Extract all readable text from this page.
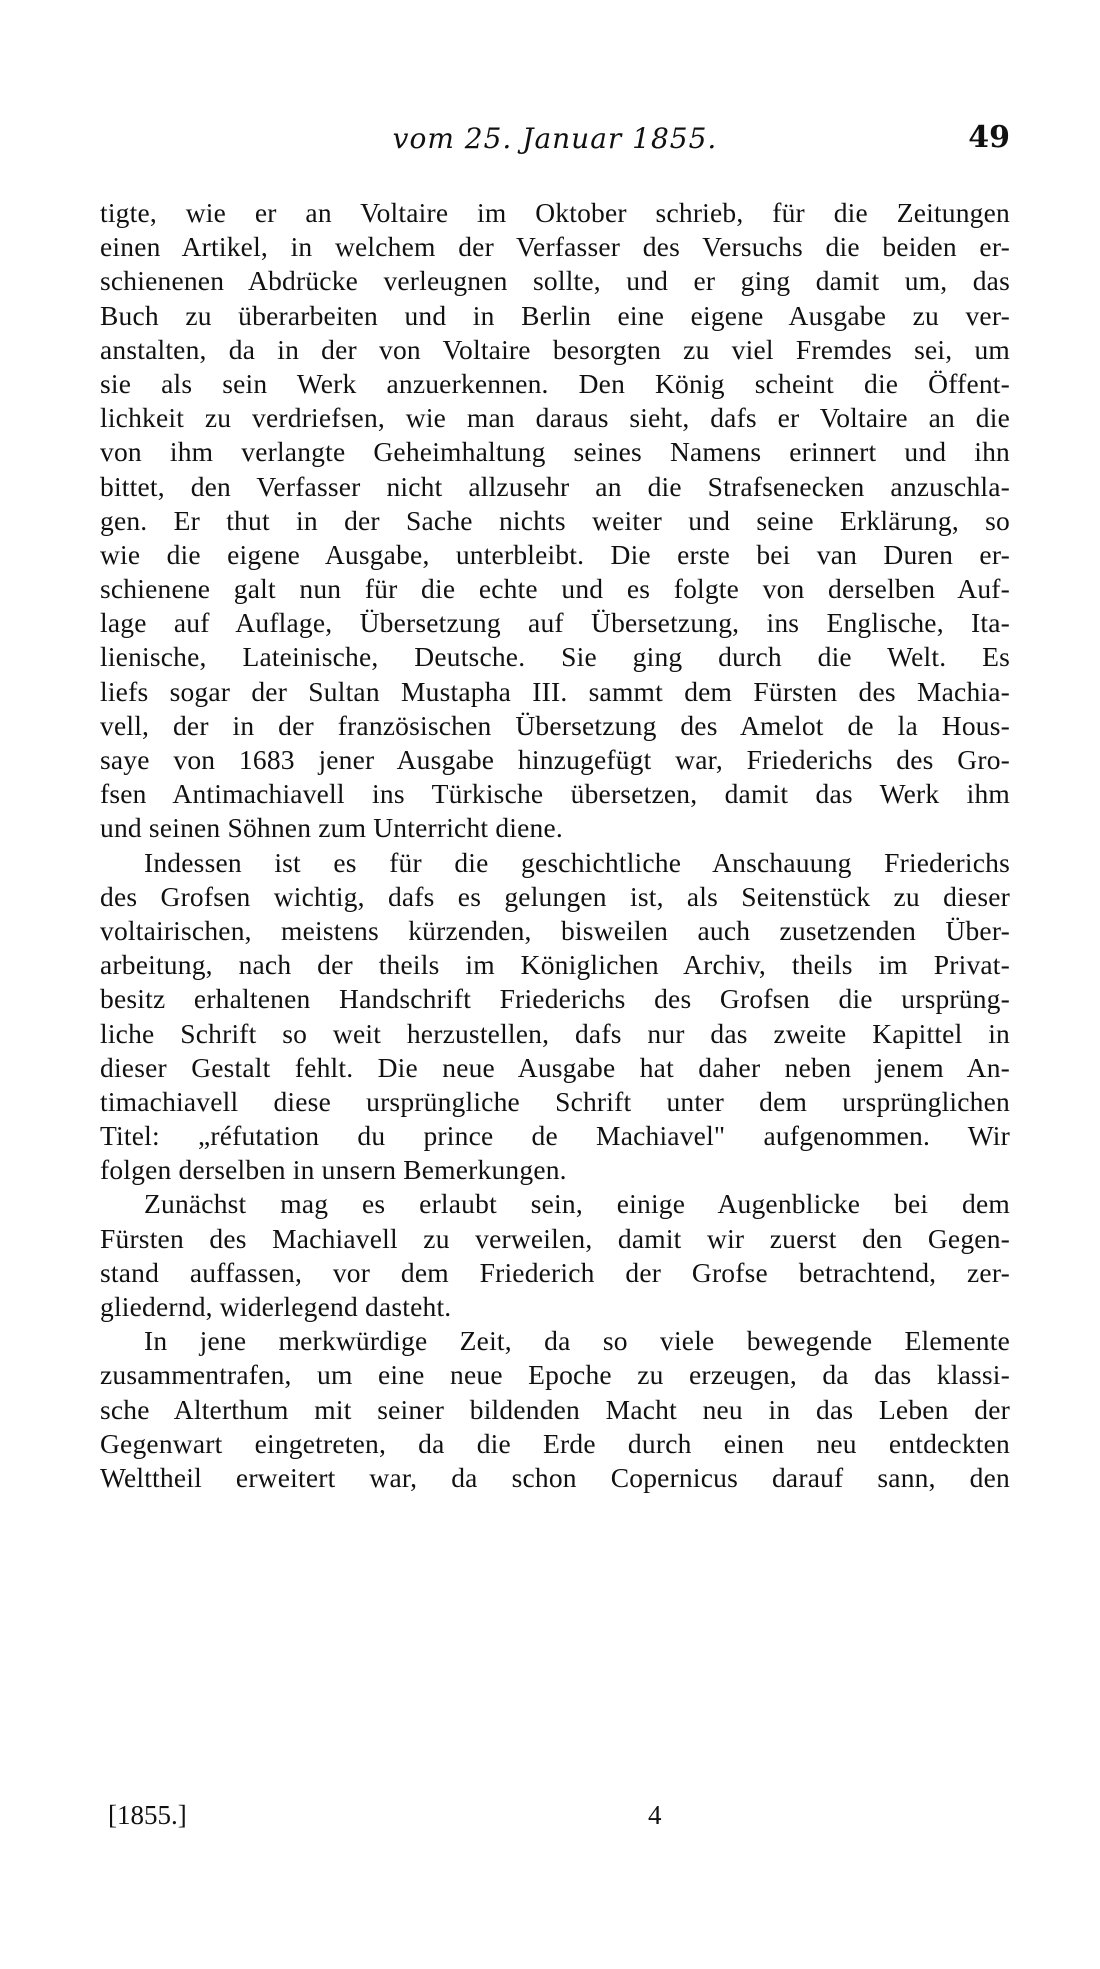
vom 25. Januar 1855.	49
tigte, wie er an Voltaire im Oktober schrieb, für die Zeitungen
einen Artikel, in welchem der Verfasser des Versuchs die beiden er-
schienenen Abdrücke verleugnen sollte, und er ging damit um, das
Buch zu überarbeiten und in Berlin eine eigene Ausgabe zu ver-
anstalten, da in der von Voltaire besorgten zu viel Fremdes sei, um
sie als sein Werk anzuerkennen. Den König scheint die Öffent-
lichkeit zu verdriefsen, wie man daraus sieht, dafs er Voltaire an die
von ihm verlangte Geheimhaltung seines Namens erinnert und ihn
bittet, den Verfasser nicht allzusehr an die Strafsenecken anzuschla-
gen. Er thut in der Sache nichts weiter und seine Erklärung, so
wie die eigene Ausgabe, unterbleibt. Die erste bei van Duren er-
schienene galt nun für die echte und es folgte von derselben Auf-
lage auf Auflage, Übersetzung auf Übersetzung, ins Englische, Ita-
lienische, Lateinische, Deutsche. Sie ging durch die Welt. Es
liefs sogar der Sultan Mustapha III. sammt dem Fürsten des Machia-
vell, der in der französischen Übersetzung des Amelot de la Hous-
saye von 1683 jener Ausgabe hinzugefügt war, Friederichs des Gro-
fsen Antimachiavell ins Türkische übersetzen, damit das Werk ihm
und seinen Söhnen zum Unterricht diene.
Indessen ist es für die geschichtliche Anschauung Friederichs
des Grofsen wichtig, dafs es gelungen ist, als Seitenstück zu dieser
voltairischen, meistens kürzenden, bisweilen auch zusetzenden Über-
arbeitung, nach der theils im Königlichen Archiv, theils im Privat-
besitz erhaltenen Handschrift Friederichs des Grofsen die ursprüng-
liche Schrift so weit herzustellen, dafs nur das zweite Kapittel in
dieser Gestalt fehlt. Die neue Ausgabe hat daher neben jenem An-
timachiavell diese ursprüngliche Schrift unter dem ursprünglichen
Titel: „réfutation du prince de Machiavel" aufgenommen. Wir
folgen derselben in unsern Bemerkungen.
Zunächst mag es erlaubt sein, einige Augenblicke bei dem
Fürsten des Machiavell zu verweilen, damit wir zuerst den Gegen-
stand auffassen, vor dem Friederich der Grofse betrachtend, zer-
gliedernd, widerlegend dasteht.
In jene merkwürdige Zeit, da so viele bewegende Elemente
zusammentrafen, um eine neue Epoche zu erzeugen, da das klassi-
sche Alterthum mit seiner bildenden Macht neu in das Leben der
Gegenwart eingetreten, da die Erde durch einen neu entdeckten
Welttheil erweitert war, da schon Copernicus darauf sann, den
[1855.]	4
